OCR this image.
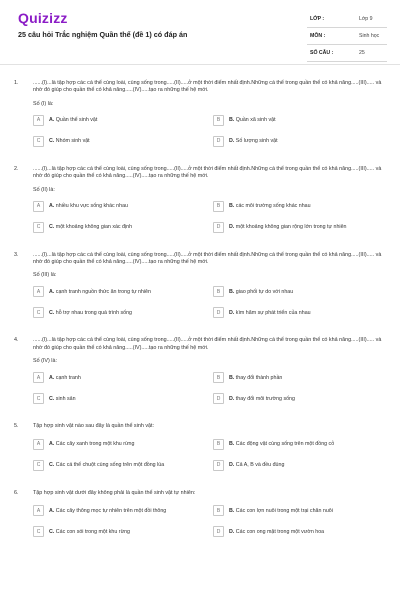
Quizizz
25 câu hỏi Trắc nghiệm Quần thể (đề 1) có đáp án
LỚP :	Lớp 9
MÔN :	Sinh học
SỐ CÂU :	25
1.	......(I)...là tập hợp các cá thể cùng loài, cùng sống trong.....(II).....ở một thời điểm nhất định.Những cá thể trong quần thể có khả năng.....(III)..... và nhờ đó giúp cho quần thể có khả năng.....(IV).....tạo ra những thế hệ mới.
Số (I) là:
A	A. Quần thể sinh vật	B	B. Quần xã sinh vật
C	C. Nhóm sinh vật	D	D. Số lượng sinh vật
2.	......(I)...là tập hợp các cá thể cùng loài, cùng sống trong.....(II).....ở một thời điểm nhất định.Những cá thể trong quần thể có khả năng.....(III)..... và nhờ đó giúp cho quần thể có khả năng.....(IV).....tạo ra những thế hệ mới.
Số (II) là:
A	A. nhiều khu vực sống khác nhau	B	B. các môi trường sống khác nhau
C	C. một khoảng không gian xác định	D	D. một khoảng không gian rộng lớn trong tự nhiên
3.	......(I)...là tập hợp các cá thể cùng loài, cùng sống trong.....(II).....ở một thời điểm nhất định.Những cá thể trong quần thể có khả năng.....(III)..... và nhờ đó giúp cho quần thể có khả năng.....(IV).....tạo ra những thế hệ mới.
Số (III) là:
A	A. cạnh tranh nguồn thức ăn trong tự nhiên	B	B. giao phối tự do với nhau
C	C. hỗ trợ nhau trong quá trình sống	D	D. kìm hãm sự phát triển của nhau
4.	......(I)...là tập hợp các cá thể cùng loài, cùng sống trong.....(II).....ở một thời điểm nhất định.Những cá thể trong quần thể có khả năng.....(III)..... và nhờ đó giúp cho quần thể có khả năng.....(IV).....tạo ra những thế hệ mới.
Số (IV) là:
A	A. cạnh tranh	B	B. thay đổi thành phần
C	C. sinh sản	D	D. thay đổi môi trường sống
5.	Tập hợp sinh vật nào sau đây là quần thể sinh vật:
A	A. Các cây xanh trong một khu rừng	B	B. Các động vật cùng sống trên một đồng cỏ
C	C. Các cá thể chuột cùng sống trên một đồng lúa	D	D. Cả A, B và đều đúng
6.	Tập hợp sinh vật dưới đây không phải là quần thể sinh vật tự nhiên:
A	A. Các cây thông mọc tự nhiên trên một đồi thông	B	B. Các con lợn nuôi trong một trại chăn nuôi
C	C. Các con sói trong một khu rừng	D	D. Các con ong mật trong một vườn hoa
